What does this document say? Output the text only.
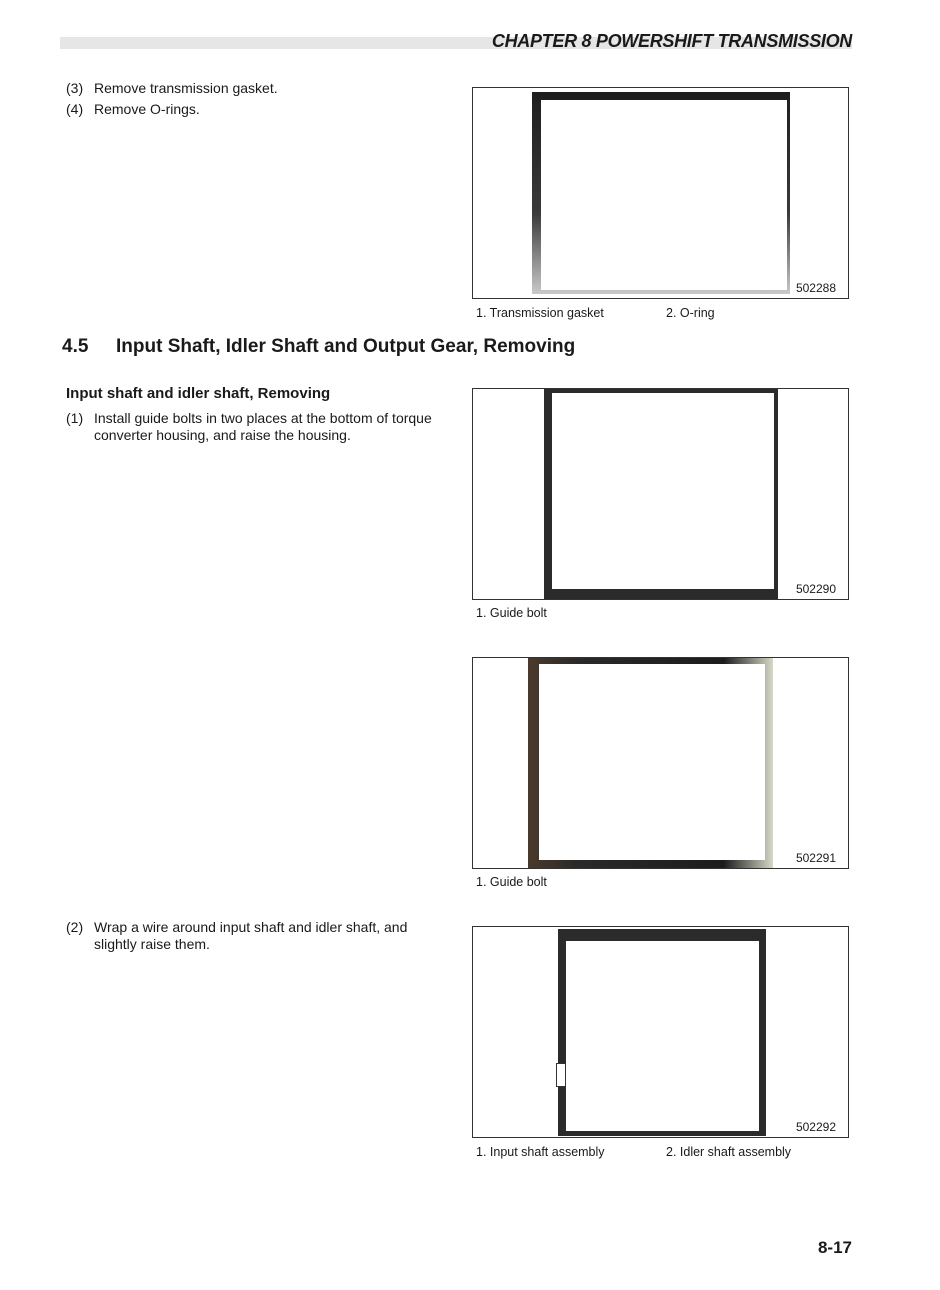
CHAPTER 8 POWERSHIFT TRANSMISSION
(3) Remove transmission gasket.
(4) Remove O-rings.
502288
1. Transmission gasket	2. O-ring
4.5 Input Shaft, Idler Shaft and Output Gear, Removing
Input shaft and idler shaft, Removing
(1) Install guide bolts in two places at the bottom of torque
converter housing, and raise the housing.
502290
1. Guide bolt
502291
1. Guide bolt
(2) Wrap a wire around input shaft and idler shaft, and
slightly raise them.
502292
1. Input shaft assembly	2. Idler shaft assembly
8-17
